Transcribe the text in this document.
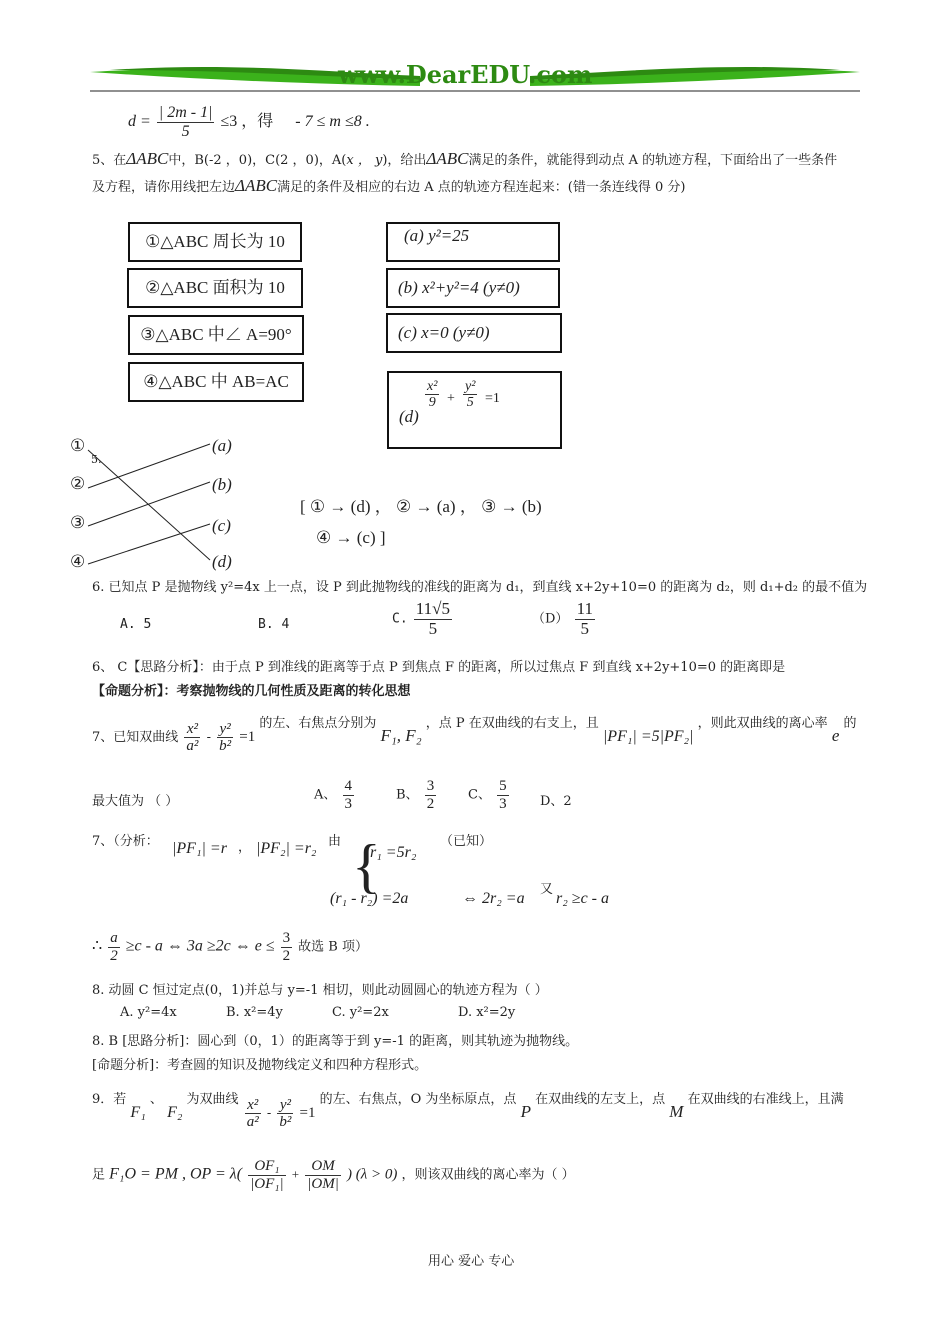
www.DearEDU.com
$d = \frac{| 2m - 1|}{5} \le 3$ ，得 - 7 ≤ m ≤8 .
5、在ΔABC中，B(-2 ，0)，C(2 ，0)，A(x ， y)，给出ΔABC满足的条件，就能得到动点 A 的轨迹方程，下面给出了一些条件
及方程，请你用线把左边ΔABC满足的条件及相应的右边 A 点的轨迹方程连起来：(错一条连线得 0 分)
①△ABC 周长为 10
②△ABC 面积为 10
③△ABC 中∠ A=90°
④△ABC 中 AB=AC
(a) y²=25
(b) x²+y²=4 (y≠0)
(c) x=0 (y≠0)
(d)
$\frac{\text{x²}}{9} + \frac{\text{y²}}{5} =1$
①
5.
②
③
④
(a)
(b)
(c)
(d)
[ ① → (d) ， ② → (a) ， ③ → (b)
④ → (c) ]
6. 已知点 P 是抛物线 y²=4x 上一点，设 P 到此抛物线的准线的距离为 d₁，到直线 x+2y+10=0 的距离为 d₂，则 d₁+d₂ 的最不值为
A. 5	B. 4	C. $\frac{11√5}{5}$	$(D) \frac{11}{5}$
6、 C【思路分析】：由于点 P 到准线的距离等于点 P 到焦点 F 的距离，所以过焦点 F 到直线 x+2y+10=0 的距离即是
【命题分析】：考察抛物线的几何性质及距离的转化思想
7、已知双曲线 $\frac{\text{x²}}{\text{a²}} - \frac{\text{y²}}{\text{b²}} =1$ 的左、右焦点分别为 F₁, F₂ ，点 P 在双曲线的右支上，且 |PF₁| =5|PF₂| ，则此双曲线的离心率 e 的
最大值为 （ ）	A、 $\frac{4}{3}$	B、 $\frac{3}{2}$ C、 $\frac{5}{3}$ D、2
7、（分析： |PF₁| =r ， |PF₂| =r₂ 由 {
r₁ =5r₂
（已知）
(r₁ - r₂) =2a	⇔ 2r₂ =a
又
r₂ ≥c - a
∴ $\frac{a}{2} \ge c - a$ ⇔ 3a ≥2c ⇔ $e \le \frac{3}{2}$ 故选 B 项）
8. 动圆 C 恒过定点(0，1)并总与 y=-1 相切，则此动圆圆心的轨迹方程为（ ）
A. y²=4x	B. x²=4y	C. y²=2x	D. x²=2y
8. B [思路分析]：圆心到（0，1）的距离等于到 y=-1 的距离，则其轨迹为抛物线。
[命题分析]：考查圆的知识及抛物线定义和四种方程形式。
9．若 F₁ 、 F₂ 为双曲线 $\frac{\text{x²}}{\text{a²}} - \frac{\text{y²}}{\text{b²}} =1$ 的左、右焦点，O 为坐标原点，点 P 在双曲线的左支上，点 M 在双曲线的右准线上，且满
足 F₁O = PM , OP = $\lambda( \frac{\text{OF₁}}{\text{|OF₁|}} + \frac{OM}{|OM|}$ ) (λ > 0) ，则该双曲线的离心率为（ ）
用心 爱心 专心
